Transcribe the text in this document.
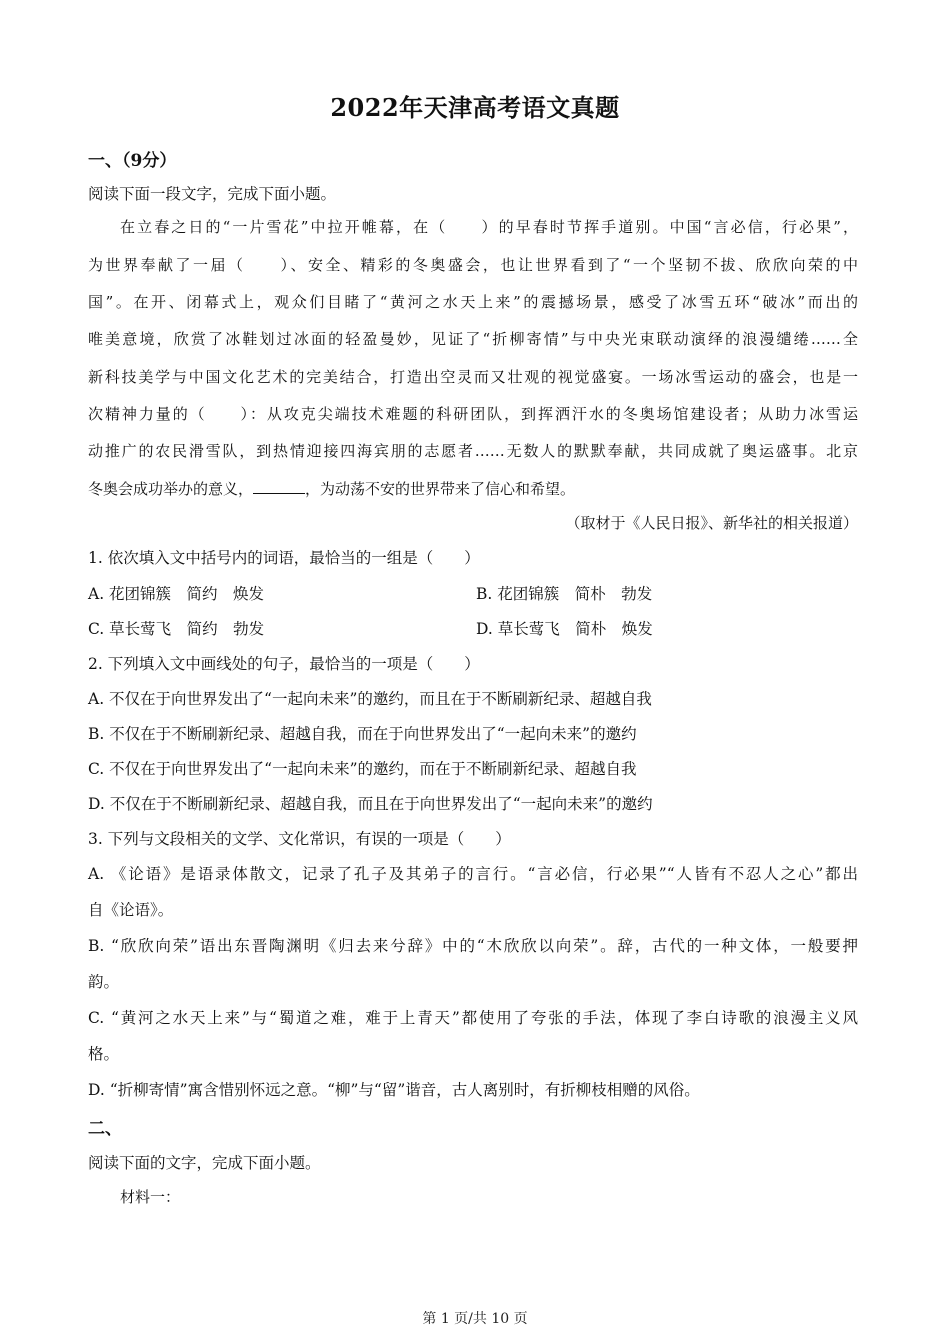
2022年天津高考语文真题
一、（9分）
阅读下面一段文字，完成下面小题。
在立春之日的“一片雪花”中拉开帷幕，在（　　）的早春时节挥手道别。中国“言必信，行必果”，
为世界奉献了一届（　　）、安全、精彩的冬奥盛会，也让世界看到了“一个坚韧不拔、欣欣向荣的中
国”。在开、闭幕式上，观众们目睹了“黄河之水天上来”的震撼场景，感受了冰雪五环“破冰”而出的
唯美意境，欣赏了冰鞋划过冰面的轻盈曼妙，见证了“折柳寄情”与中央光束联动演绎的浪漫缱绻……全
新科技美学与中国文化艺术的完美结合，打造出空灵而又壮观的视觉盛宴。一场冰雪运动的盛会，也是一
次精神力量的（　　）：从攻克尖端技术难题的科研团队，到挥洒汗水的冬奥场馆建设者；从助力冰雪运
动推广的农民滑雪队，到热情迎接四海宾朋的志愿者……无数人的默默奉献，共同成就了奥运盛事。北京
冬奥会成功举办的意义，	，为动荡不安的世界带来了信心和希望。
（取材于《人民日报》、新华社的相关报道）
1. 依次填入文中括号内的词语，最恰当的一组是（　　）
A. 花团锦簇　简约　焕发	B. 花团锦簇　简朴　勃发
C. 草长莺飞　简约　勃发	D. 草长莺飞　简朴　焕发
2. 下列填入文中画线处的句子，最恰当的一项是（　　）
A. 不仅在于向世界发出了“一起向未来”的邀约，而且在于不断刷新纪录、超越自我
B. 不仅在于不断刷新纪录、超越自我，而在于向世界发出了“一起向未来”的邀约
C. 不仅在于向世界发出了“一起向未来”的邀约，而在于不断刷新纪录、超越自我
D. 不仅在于不断刷新纪录、超越自我，而且在于向世界发出了“一起向未来”的邀约
3. 下列与文段相关的文学、文化常识，有误的一项是（　　）
A. 《论语》是语录体散文，记录了孔子及其弟子的言行。“言必信，行必果”“人皆有不忍人之心”都出
自《论语》。
B. “欣欣向荣”语出东晋陶渊明《归去来兮辞》中的“木欣欣以向荣”。辞，古代的一种文体，一般要押
韵。
C. “黄河之水天上来”与“蜀道之难，难于上青天”都使用了夸张的手法，体现了李白诗歌的浪漫主义风
格。
D. “折柳寄情”寓含惜别怀远之意。“柳”与“留”谐音，古人离别时，有折柳枝相赠的风俗。
二、
阅读下面的文字，完成下面小题。
材料一：
第 1 页/共 10 页
